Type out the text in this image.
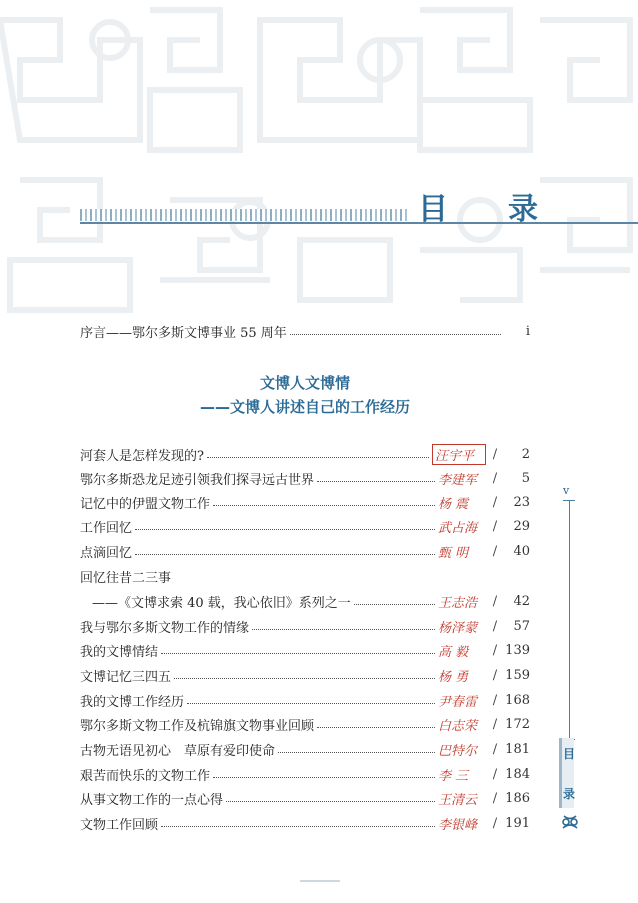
目 录
序言——鄂尔多斯文博事业 55 周年	i
文博人文博情
——文博人讲述自己的工作经历
河套人是怎样发现的?	汪宇平	/	2
鄂尔多斯恐龙足迹引领我们探寻远古世界	李建军	/	5
记忆中的伊盟文物工作	杨 震	/	23
工作回忆	武占海	/	29
点滴回忆	甄 明	/	40
回忆往昔二三事
——《文博求索 40 载，我心依旧》系列之一	王志浩	/	42
我与鄂尔多斯文物工作的情缘	杨泽蒙	/	57
我的文博情结	高 毅	/ 139
文博记忆三四五	杨 勇	/ 159
我的文博工作经历	尹春雷	/ 168
鄂尔多斯文物工作及杭锦旗文物事业回顾	白志荣	/ 172
古物无语见初心　草原有爱印使命	巴特尔	/ 181
艰苦而快乐的文物工作	李 三	/ 184
从事文物工作的一点心得	王清云	/ 186
文物工作回顾	李银峰	/ 191
v
目
录
